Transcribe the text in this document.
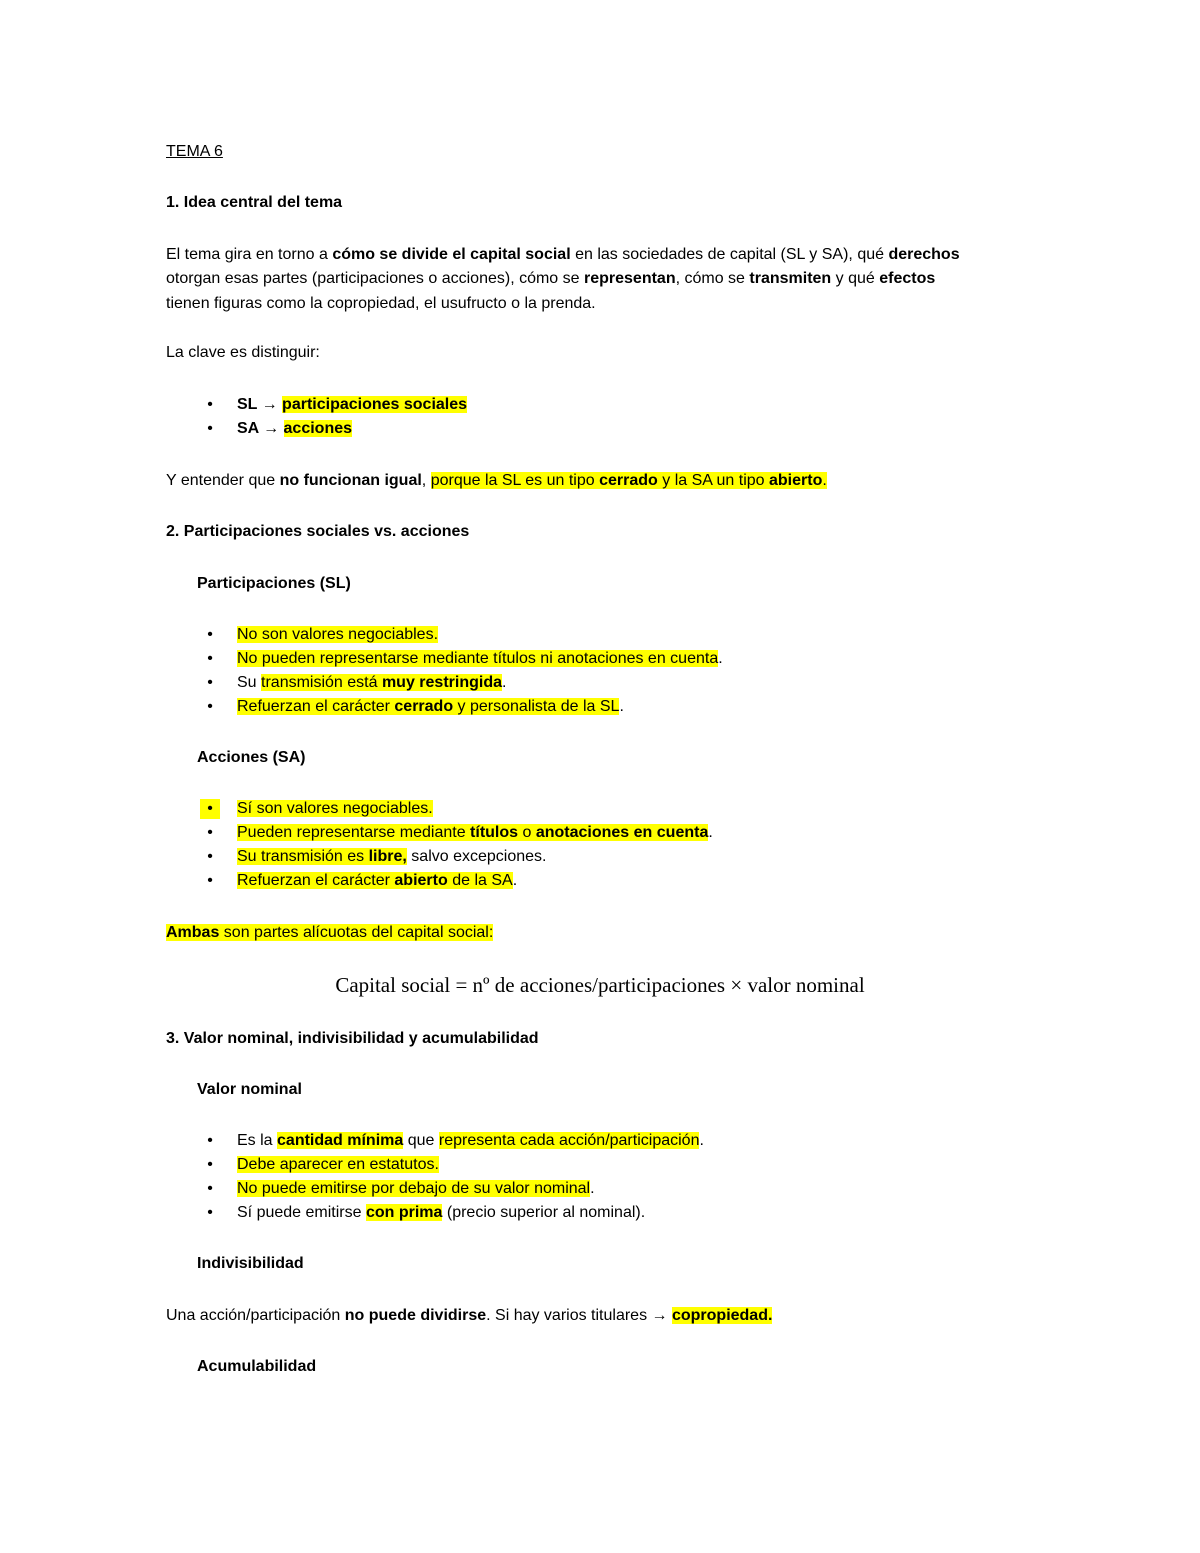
TEMA 6
1. Idea central del tema
El tema gira en torno a cómo se divide el capital social en las sociedades de capital (SL y SA), qué derechos
otorgan esas partes (participaciones o acciones), cómo se representan, cómo se transmiten y qué efectos
tienen figuras como la copropiedad, el usufructo o la prenda.
La clave es distinguir:
•	SL → participaciones sociales
•	SA → acciones
Y entender que no funcionan igual, porque la SL es un tipo cerrado y la SA un tipo abierto.
2. Participaciones sociales vs. acciones
Participaciones (SL)
•	No son valores negociables.
•	No pueden representarse mediante títulos ni anotaciones en cuenta.
•	Su transmisión está muy restringida.
•	Refuerzan el carácter cerrado y personalista de la SL.
Acciones (SA)
•	Sí son valores negociables.
•	Pueden representarse mediante títulos o anotaciones en cuenta.
•	Su transmisión es libre, salvo excepciones.
•	Refuerzan el carácter abierto de la SA.
Ambas son partes alícuotas del capital social:
Capital social = nº de acciones/participaciones × valor nominal
3. Valor nominal, indivisibilidad y acumulabilidad
Valor nominal
•	Es la cantidad mínima que representa cada acción/participación.
•	Debe aparecer en estatutos.
•	No puede emitirse por debajo de su valor nominal.
•	Sí puede emitirse con prima (precio superior al nominal).
Indivisibilidad
Una acción/participación no puede dividirse. Si hay varios titulares → copropiedad.
Acumulabilidad
